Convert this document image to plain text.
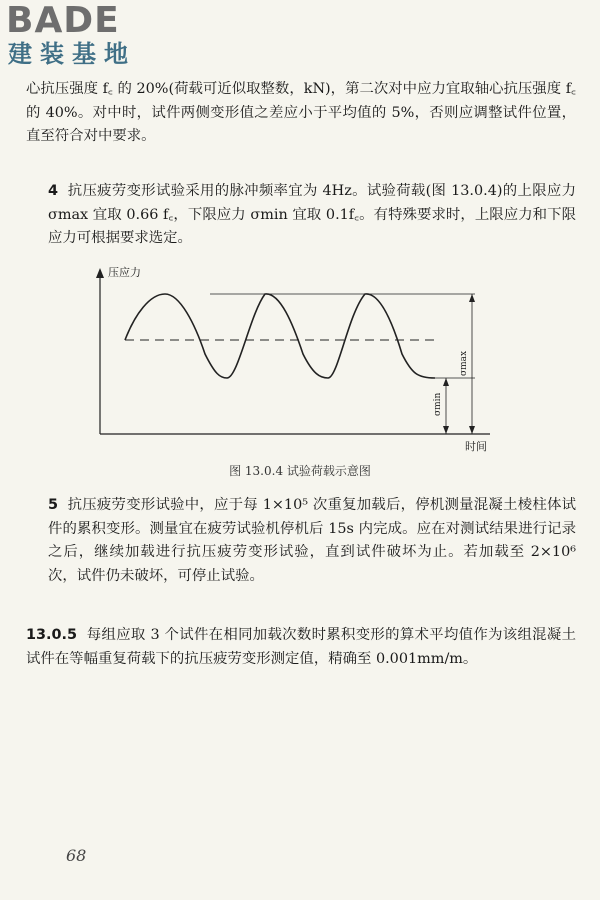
BADE
建装基地

心抗压强度 f꜀ 的 20%(荷载可近似取整数，kN)，第二次对中应力宜取轴心抗压强度 f꜀ 的 40%。对中时，试件两侧变形值之差应小于平均值的 5%，否则应调整试件位置，直至符合对中要求。

4 抗压疲劳变形试验采用的脉冲频率宜为 4Hz。试验荷载(图 13.0.4)的上限应力 σmax 宜取 0.66 f꜀，下限应力 σmin 宜取 0.1f꜀。有特殊要求时，上限应力和下限应力可根据要求选定。

压应力
时间
σmax
σmin
图 13.0.4 试验荷载示意图

5 抗压疲劳变形试验中，应于每 1×10⁵ 次重复加载后，停机测量混凝土棱柱体试件的累积变形。测量宜在疲劳试验机停机后 15s 内完成。应在对测试结果进行记录之后，继续加载进行抗压疲劳变形试验，直到试件破坏为止。若加载至 2×10⁶ 次，试件仍未破坏，可停止试验。

13.0.5 每组应取 3 个试件在相同加载次数时累积变形的算术平均值作为该组混凝土试件在等幅重复荷载下的抗压疲劳变形测定值，精确至 0.001mm/m。

68
